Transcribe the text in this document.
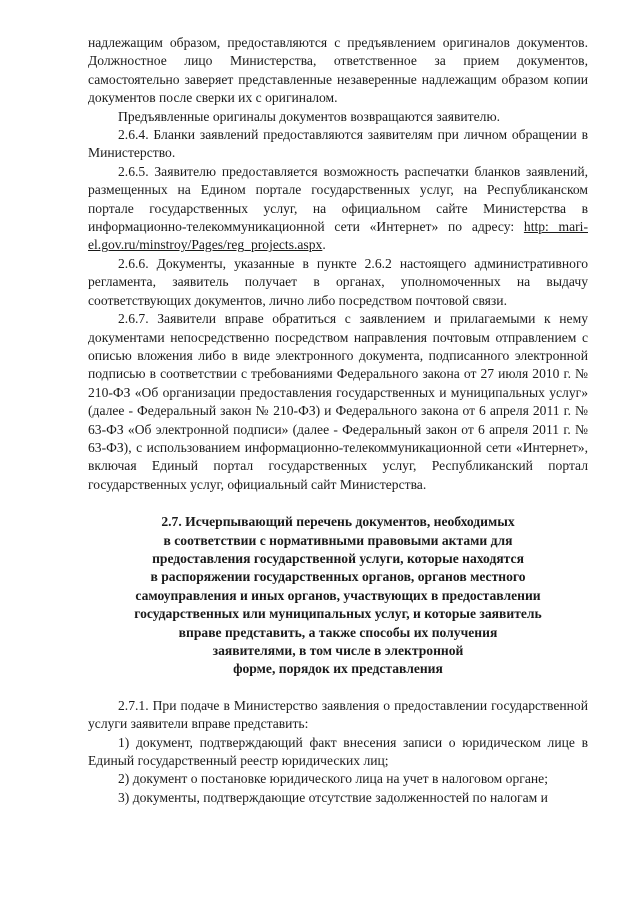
надлежащим образом, предоставляются с предъявлением оригиналов документов. Должностное лицо Министерства, ответственное за прием документов, самостоятельно заверяет представленные незаверенные надлежащим образом копии документов после сверки их с оригиналом.

Предъявленные оригиналы документов возвращаются заявителю.

2.6.4. Бланки заявлений предоставляются заявителям при личном обращении в Министерство.

2.6.5. Заявителю предоставляется возможность распечатки бланков заявлений, размещенных на Едином портале государственных услуг, на Республиканском портале государственных услуг, на официальном сайте Министерства в информационно-телекоммуникационной сети «Интернет» по адресу: http: mari-el.gov.ru/minstroy/Pages/reg_projects.aspx.

2.6.6. Документы, указанные в пункте 2.6.2 настоящего административного регламента, заявитель получает в органах, уполномоченных на выдачу соответствующих документов, лично либо посредством почтовой связи.

2.6.7. Заявители вправе обратиться с заявлением и прилагаемыми к нему документами непосредственно посредством направления почтовым отправлением с описью вложения либо в виде электронного документа, подписанного электронной подписью в соответствии с требованиями Федерального закона от 27 июля 2010 г. № 210-ФЗ «Об организации предоставления государственных и муниципальных услуг» (далее - Федеральный закон № 210-ФЗ) и Федерального закона от 6 апреля 2011 г. № 63-ФЗ «Об электронной подписи» (далее - Федеральный закон от 6 апреля 2011 г. № 63-ФЗ), с использованием информационно-телекоммуникационной сети «Интернет», включая Единый портал государственных услуг, Республиканский портал государственных услуг, официальный сайт Министерства.

2.7. Исчерпывающий перечень документов, необходимых
в соответствии с нормативными правовыми актами для
предоставления государственной услуги, которые находятся
в распоряжении государственных органов, органов местного
самоуправления и иных органов, участвующих в предоставлении
государственных или муниципальных услуг, и которые заявитель
вправе представить, а также способы их получения
заявителями, в том числе в электронной
форме, порядок их представления

2.7.1. При подаче в Министерство заявления о предоставлении государственной услуги заявители вправе представить:

1) документ, подтверждающий факт внесения записи о юридическом лице в Единый государственный реестр юридических лиц;

2) документ о постановке юридического лица на учет в налоговом органе;

3) документы, подтверждающие отсутствие задолженностей по налогам и
